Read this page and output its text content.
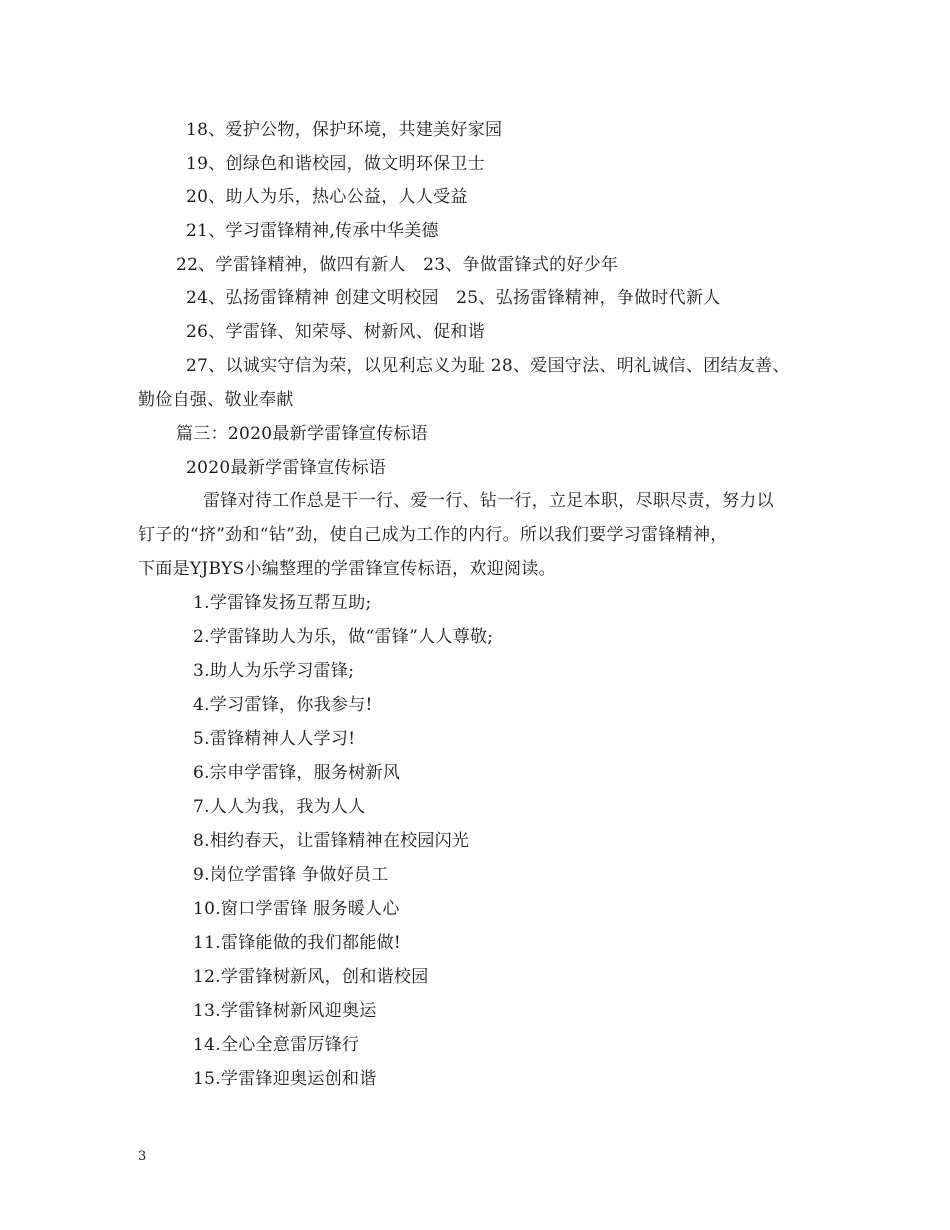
18、爱护公物，保护环境，共建美好家园
19、创绿色和谐校园，做文明环保卫士
20、助人为乐，热心公益，人人受益
21、学习雷锋精神,传承中华美德
22、学雷锋精神，做四有新人　23、争做雷锋式的好少年
24、弘扬雷锋精神 创建文明校园　25、弘扬雷锋精神，争做时代新人
26、学雷锋、知荣辱、树新风、促和谐
27、以诚实守信为荣，以见利忘义为耻 28、爱国守法、明礼诚信、团结友善、
勤俭自强、敬业奉献
篇三：2020最新学雷锋宣传标语
2020最新学雷锋宣传标语
雷锋对待工作总是干一行、爱一行、钻一行，立足本职，尽职尽责，努力以
钉子的“挤”劲和“钻”劲，使自己成为工作的内行。所以我们要学习雷锋精神，
下面是YJBYS小编整理的学雷锋宣传标语，欢迎阅读。
1.学雷锋发扬互帮互助;
2.学雷锋助人为乐，做“雷锋”人人尊敬;
3.助人为乐学习雷锋;
4.学习雷锋，你我参与!
5.雷锋精神人人学习!
6.宗申学雷锋，服务树新风
7.人人为我，我为人人
8.相约春天，让雷锋精神在校园闪光
9.岗位学雷锋 争做好员工
10.窗口学雷锋 服务暖人心
11.雷锋能做的我们都能做!
12.学雷锋树新风，创和谐校园
13.学雷锋树新风迎奥运
14.全心全意雷厉锋行
15.学雷锋迎奥运创和谐
3
